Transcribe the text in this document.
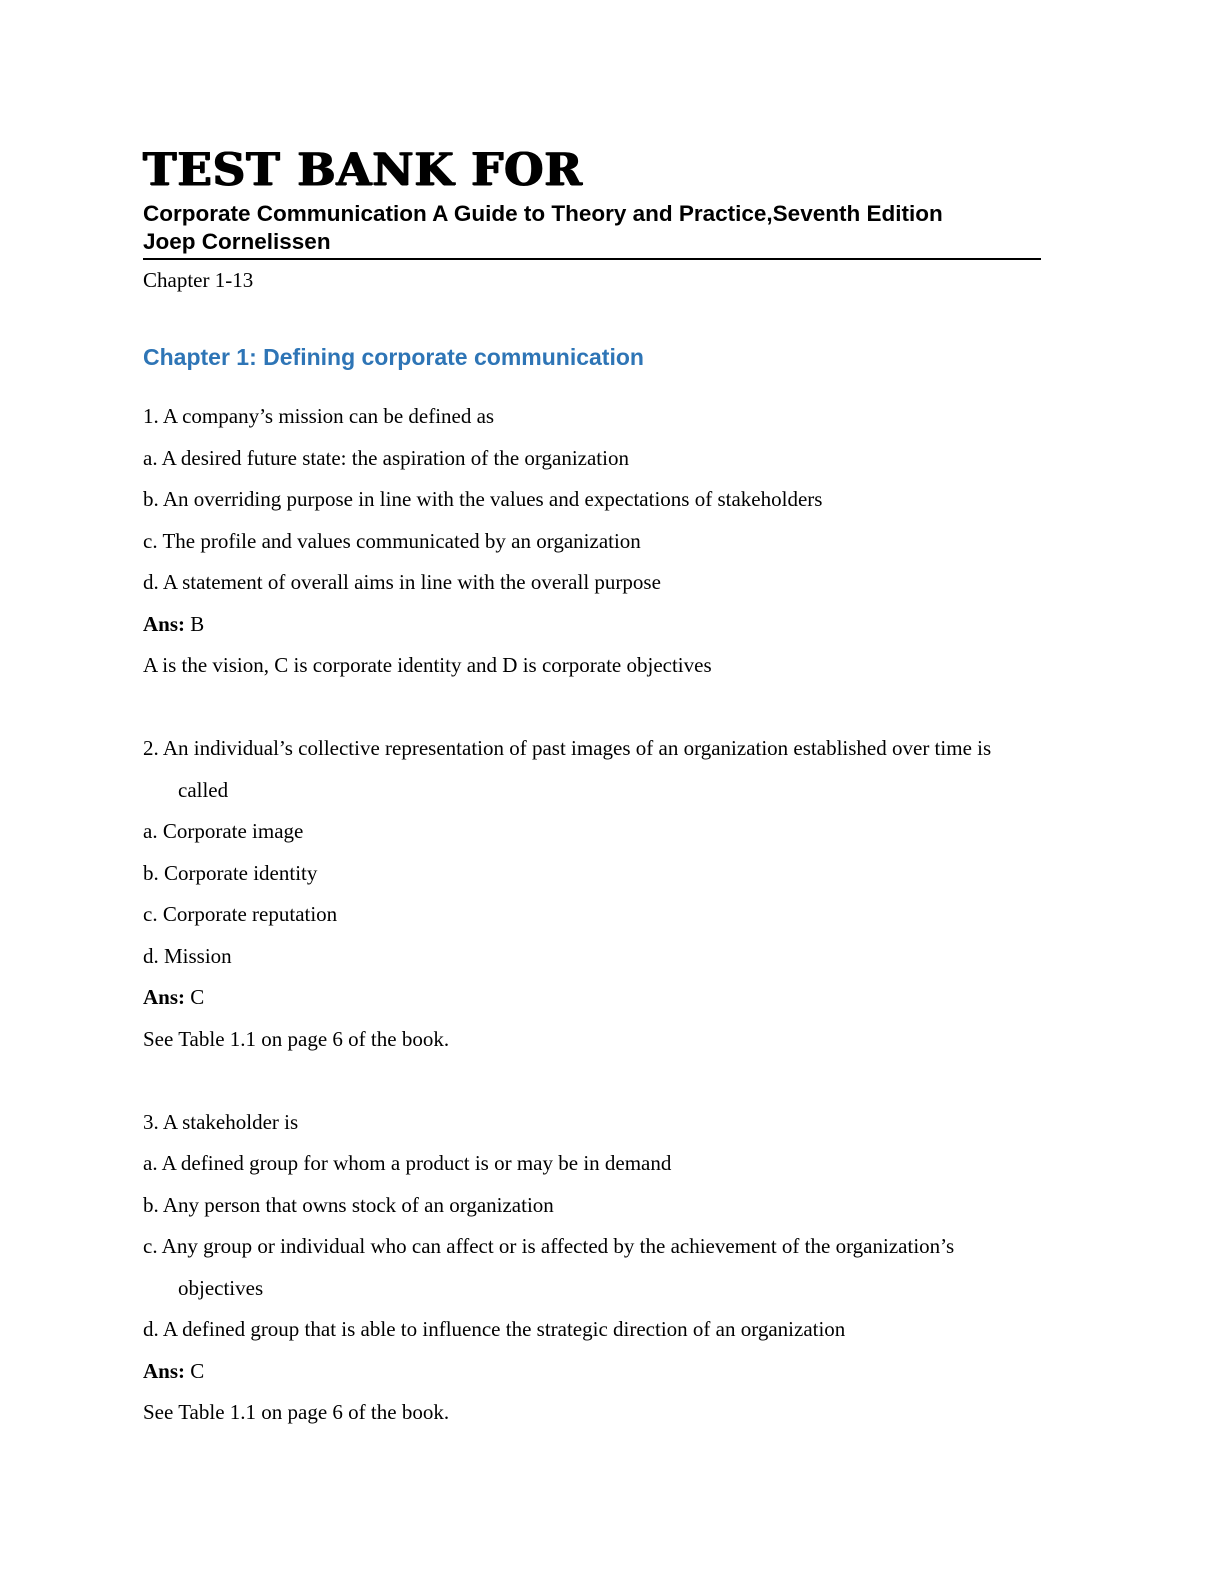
TEST BANK FOR
Corporate Communication A Guide to Theory and Practice,Seventh Edition
Joep Cornelissen
Chapter 1-13
Chapter 1: Defining corporate communication

1. A company’s mission can be defined as

a. A desired future state: the aspiration of the organization

b. An overriding purpose in line with the values and expectations of stakeholders

c. The profile and values communicated by an organization

d. A statement of overall aims in line with the overall purpose

Ans: B

A is the vision, C is corporate identity and D is corporate objectives

2. An individual’s collective representation of past images of an organization established over time is called

a. Corporate image

b. Corporate identity

c. Corporate reputation

d. Mission

Ans: C

See Table 1.1 on page 6 of the book.

3. A stakeholder is

a. A defined group for whom a product is or may be in demand

b. Any person that owns stock of an organization

c. Any group or individual who can affect or is affected by the achievement of the organization’s objectives

d. A defined group that is able to influence the strategic direction of an organization

Ans: C

See Table 1.1 on page 6 of the book.
